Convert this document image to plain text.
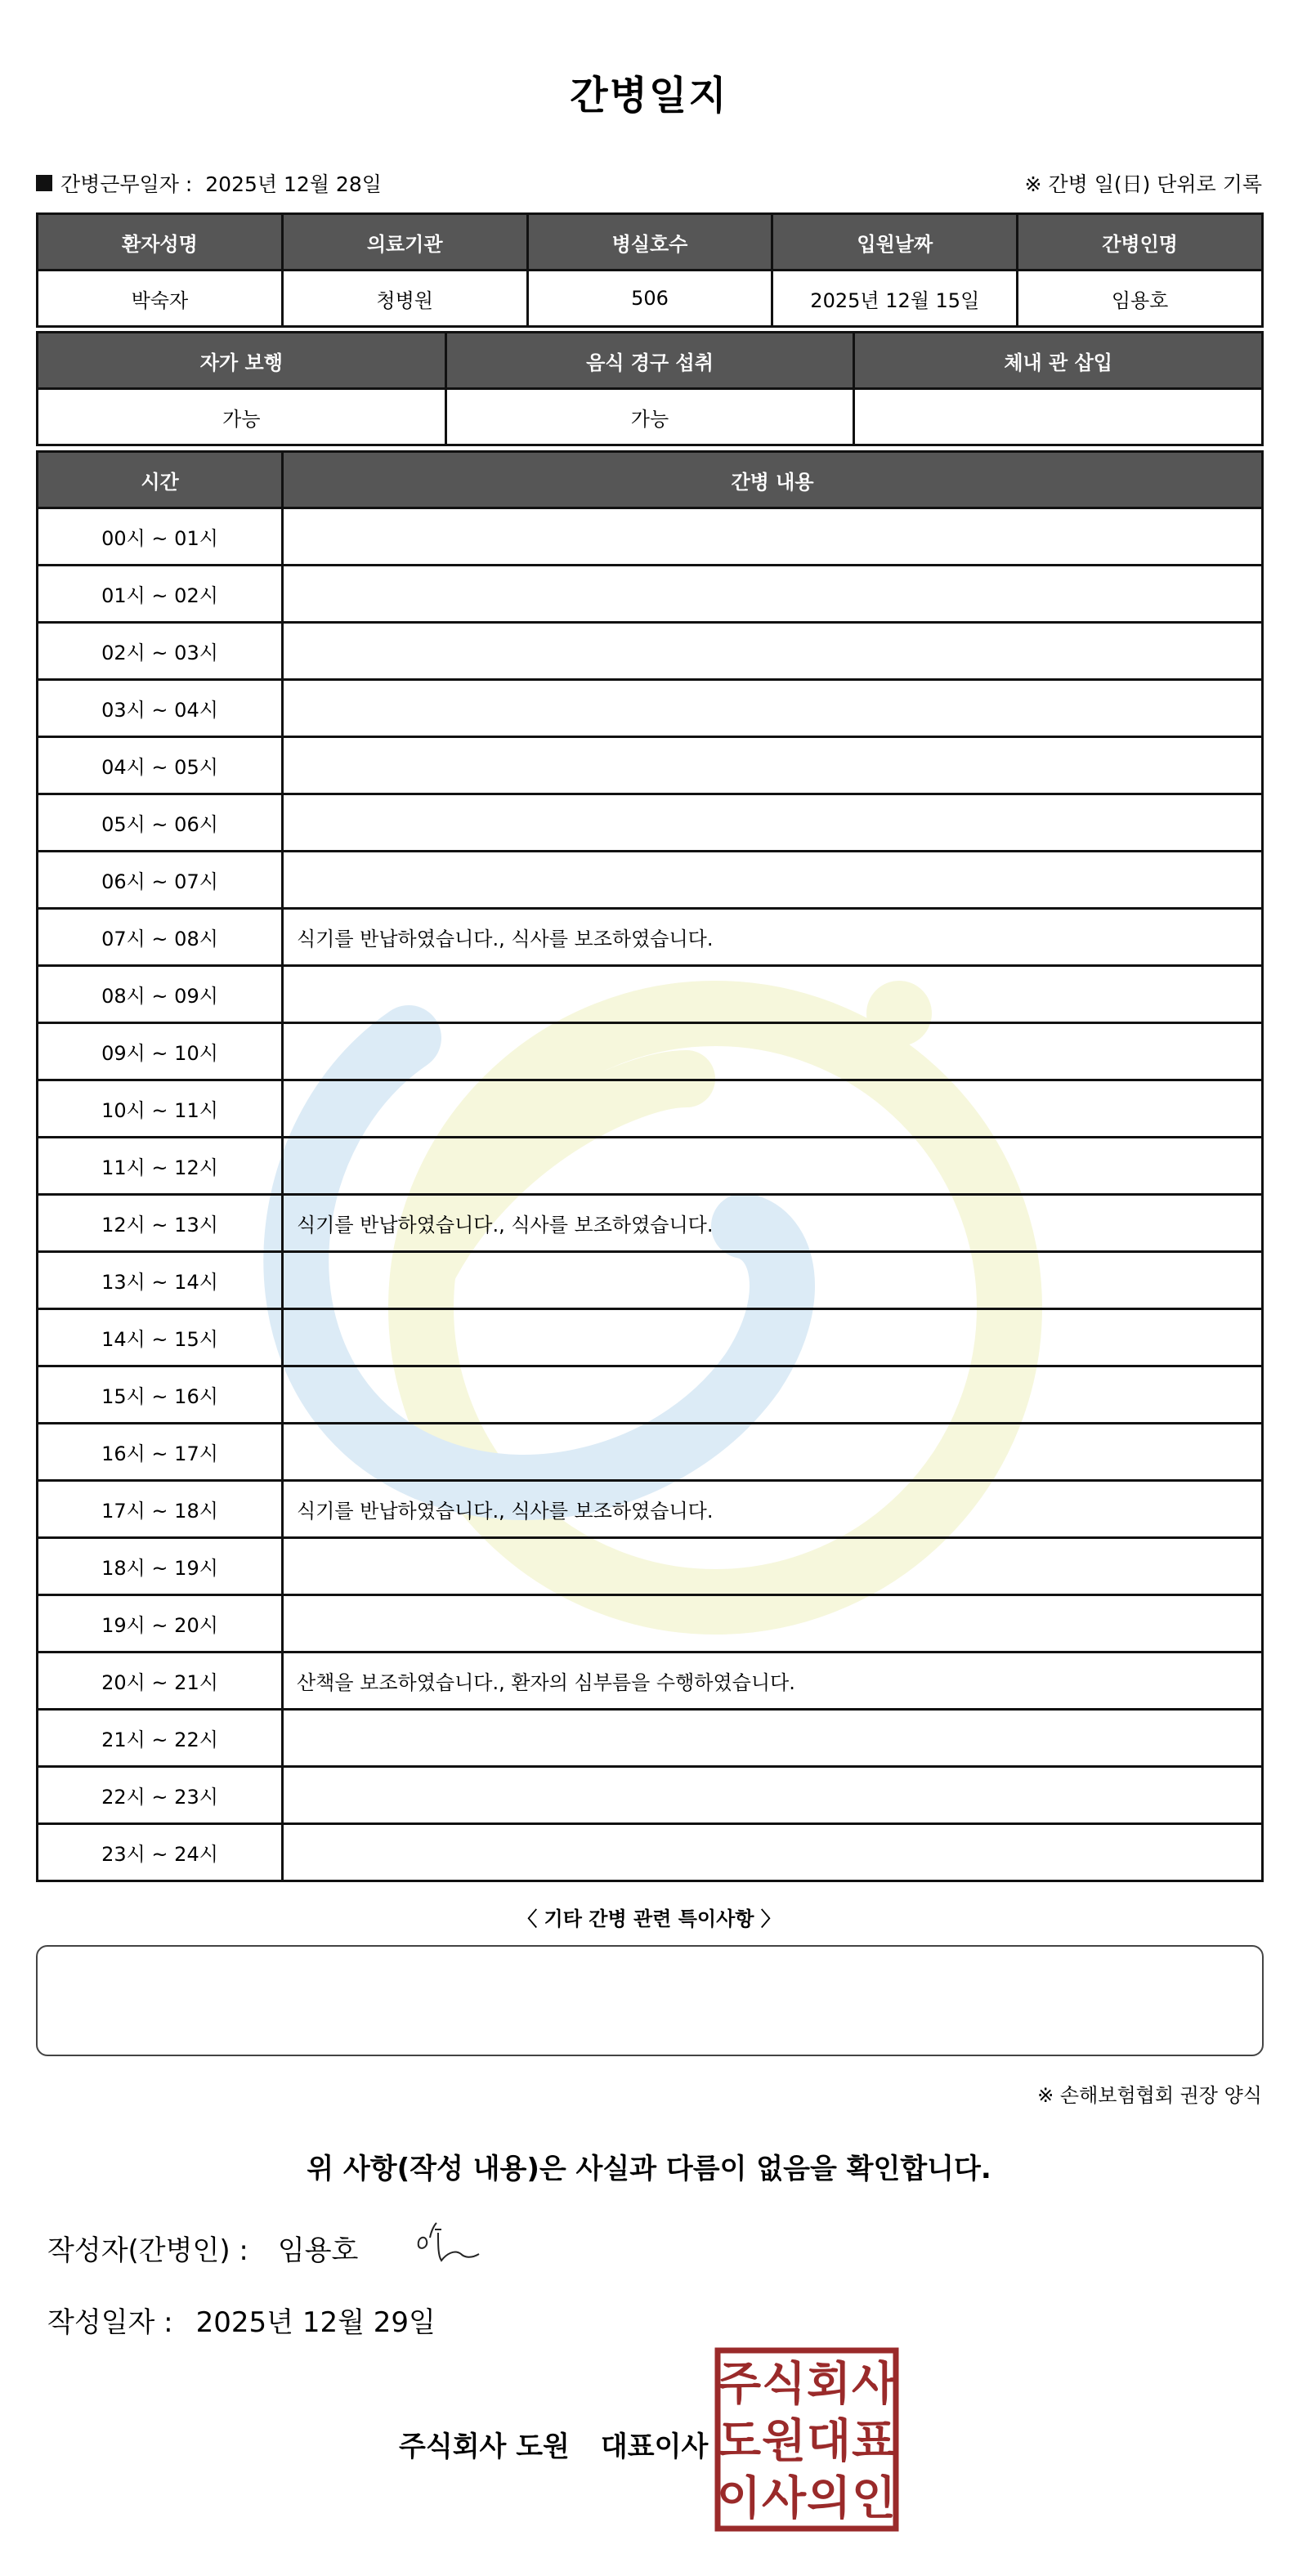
간병일지
간병근무일자 : 2025년 12월 28일	※ 간병 일(日) 단위로 기록
환자성명	의료기관	병실호수	입원날짜	간병인명
박숙자	청병원	506	2025년 12월 15일	임용호
자가 보행	음식 경구 섭취	체내 관 삽입
가능	가능	
시간	간병 내용
00시 ~ 01시	
01시 ~ 02시	
02시 ~ 03시	
03시 ~ 04시	
04시 ~ 05시	
05시 ~ 06시	
06시 ~ 07시	
07시 ~ 08시	식기를 반납하였습니다., 식사를 보조하였습니다.
08시 ~ 09시	
09시 ~ 10시	
10시 ~ 11시	
11시 ~ 12시	
12시 ~ 13시	식기를 반납하였습니다., 식사를 보조하였습니다.
13시 ~ 14시	
14시 ~ 15시	
15시 ~ 16시	
16시 ~ 17시	
17시 ~ 18시	식기를 반납하였습니다., 식사를 보조하였습니다.
18시 ~ 19시	
19시 ~ 20시	
20시 ~ 21시	산책을 보조하였습니다., 환자의 심부름을 수행하였습니다.
21시 ~ 22시	
22시 ~ 23시	
23시 ~ 24시	
〈 기타 간병 관련 특이사항 〉
※ 손해보험협회 권장 양식
위 사항(작성 내용)은 사실과 다름이 없음을 확인합니다.
작성자(간병인) : 임용호
작성일자 : 2025년 12월 29일
주식회사 도원 대표이사
주 식 회 사
도 원 대 표
이 사 의 인
